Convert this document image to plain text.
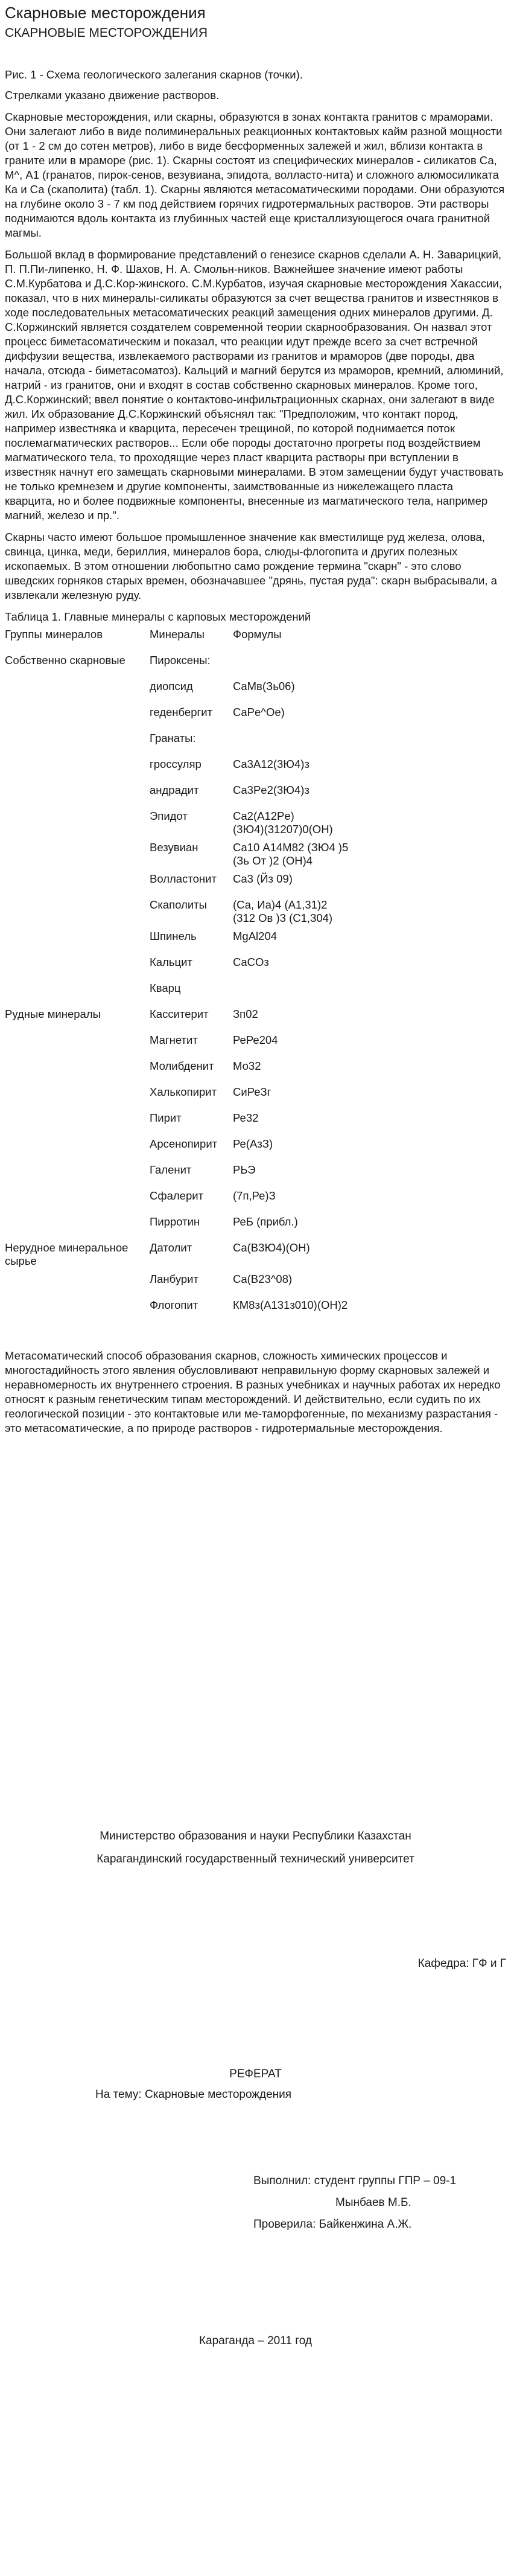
Скарновые месторождения
СКАРНОВЫЕ МЕСТОРОЖДЕНИЯ

Рис. 1 - Схема геологического залегания скарнов (точки).

Стрелками указано движение растворов.

Скарновые месторождения, или скарны, образуются в зонах контакта гранитов с мраморами. Они залегают либо в виде полиминеральных реакционных контактовых кайм разной мощности (от 1 - 2 см до сотен метров), либо в виде бесформенных залежей и жил, вблизи контакта в граните или в мраморе (рис. 1). Скарны состоят из специфических минералов - силикатов Са, М^, А1 (гранатов, пирок-сенов, везувиана, эпидота, волласто-нита) и сложного алюмосиликата Ка и Са (скаполита) (табл. 1). Скарны являются метасоматическими породами. Они образуются на глубине около 3 - 7 км под действием горячих гидротермальных растворов. Эти растворы поднимаются вдоль контакта из глубинных частей еще кристаллизующегося очага гранитной магмы.

Большой вклад в формирование представлений о генезисе скарнов сделали А. Н. Заварицкий, П. П.Пи-липенко, Н. Ф. Шахов, Н. А. Смольн-ников. Важнейшее значение имеют работы С.М.Курбатова и Д.С.Кор-жинского. С.М.Курбатов, изучая скарновые месторождения Хакассии, показал, что в них минералы-силикаты образуются за счет вещества гранитов и известняков в ходе последовательных метасоматических реакций замещения одних минералов другими. Д. С.Коржинский является создателем современной теории скарнообразования. Он назвал этот процесс биметасоматическим и показал, что реакции идут прежде всего за счет встречной диффузии вещества, извлекаемого растворами из гранитов и мраморов (две породы, два начала, отсюда - биметасоматоз). Кальций и магний берутся из мраморов, кремний, алюминий, натрий - из гранитов, они и входят в состав собственно скарновых минералов. Кроме того, Д.С.Коржинский; ввел понятие о контактово-инфильтрационных скарнах, они залегают в виде жил. Их образование Д.С.Коржинский объяснял так: "Предположим, что контакт пород, например известняка и кварцита, пересечен трещиной, по которой поднимается поток послемагматических растворов... Если обе породы достаточно прогреты под воздействием магматического тела, то проходящие через пласт кварцита растворы при вступлении в известняк начнут его замещать скарновыми минералами. В этом замещении будут участвовать не только кремнезем и другие компоненты, заимствованные из нижележащего пласта кварцита, но и более подвижные компоненты, внесенные из магматического тела, например магний, железо и пр.".

Скарны часто имеют большое промышленное значение как вместилище руд железа, олова, свинца, цинка, меди, бериллия, минералов бора, слюды-флогопита и других полезных ископаемых. В этом отношении любопытно само рождение термина "скарн" - это слово шведских горняков старых времен, обозначавшее "дрянь, пустая руда": скарн выбрасывали, а извлекали железную руду.

Таблица 1. Главные минералы с карповых месторождений

Группы минералов	Минералы	Формулы
Собственно скарновые	Пироксены:	
	диопсид	CaMв(Зь06)
	геденбергит	CaPe^Oe)
	Гранаты:	
	гроссуляр	Ca3A12(3Ю4)з
	андрадит	Ca3Pe2(3Ю4)з
	Эпидот	Ca2(A12Pe)
(3Ю4)(31207)0(ОН)
	Везувиан	Ca10 А14М82 (ЗЮ4 )5
(Зь От )2 (ОН)4
	Волластонит	Ca3 (Йз 09)
	Скаполиты	(Са, Иа)4 (А1,31)2
(312 Ов )3 (С1,304)
	Шпинель	MgAl204
	Кальцит	CaCOз
	Кварц	
Рудные минералы	Касситерит	Зп02
	Магнетит	РеРе204
	Молибденит	Мо32
	Халькопирит	СиРеЗг
	Пирит	Ре32
	Арсенопирит	Ре(АзЗ)
	Галенит	РЬЭ
	Сфалерит	(7п,Ре)З
	Пирротин	РеБ (прибл.)
Нерудное минеральное сырье	Датолит	Ca(B3Ю4)(OH)
	Ланбурит	Ca(B23^08)
	Флогопит	КМ8з(А131з010)(ОН)2

Метасоматический способ образования скарнов, сложность химических процессов и многостадийность этого явления обусловливают неправильную форму скарновых залежей и неравномерность их внутреннего строения. В разных учебниках и научных работах их нередко относят к разным генетическим типам месторождений. И действительно, если судить по их геологической позиции - это контактовые или ме-таморфогенные, по механизму разрастания - это метасоматические, а по природе растворов - гидротермальные месторождения.

Министерство образования и науки Республики Казахстан
Карагандинский государственный технический университет
Кафедра: ГФ и Г
РЕФЕРАТ
На тему: Скарновые месторождения
Выполнил: студент группы ГПР – 09-1
Мынбаев М.Б.
Проверила: Байкенжина А.Ж.
Караганда – 2011 год
